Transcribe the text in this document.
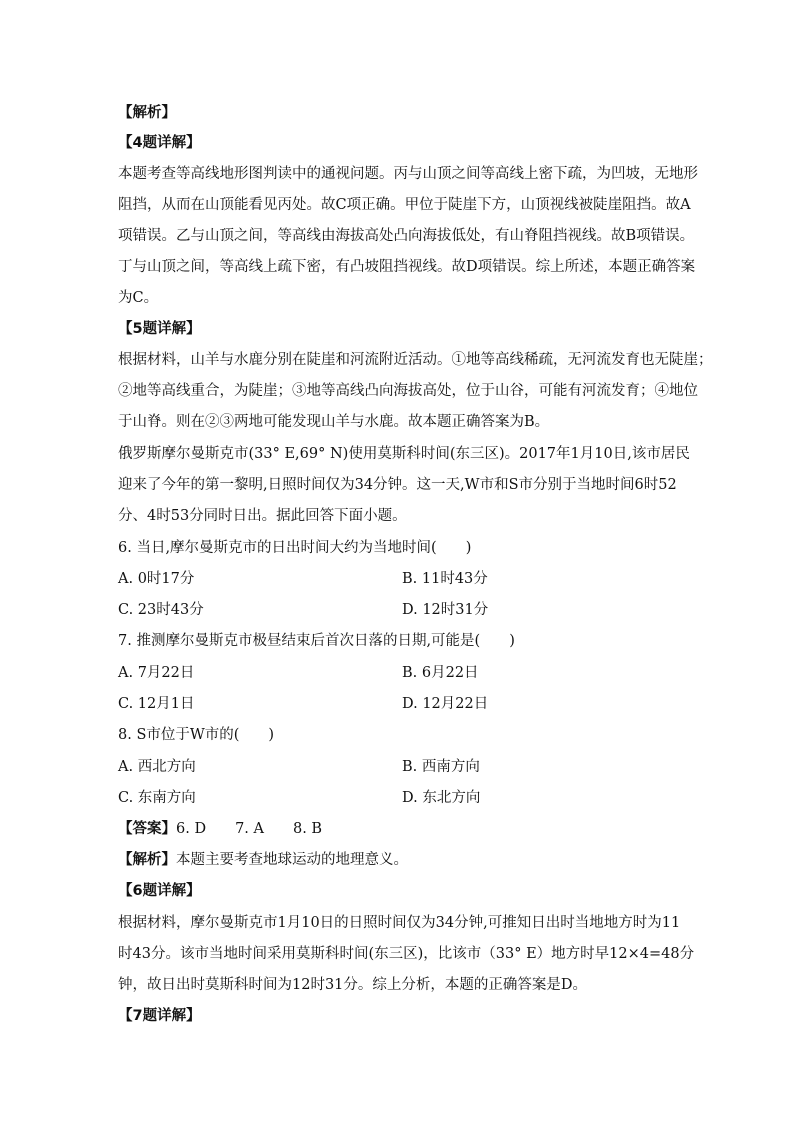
【解析】
【4题详解】
本题考查等高线地形图判读中的通视问题。丙与山顶之间等高线上密下疏，为凹坡，无地形
阻挡，从而在山顶能看见丙处。故C项正确。甲位于陡崖下方，山顶视线被陡崖阻挡。故A
项错误。乙与山顶之间，等高线由海拔高处凸向海拔低处，有山脊阻挡视线。故B项错误。
丁与山顶之间，等高线上疏下密，有凸坡阻挡视线。故D项错误。综上所述，本题正确答案
为C。
【5题详解】
根据材料，山羊与水鹿分别在陡崖和河流附近活动。①地等高线稀疏，无河流发育也无陡崖；
②地等高线重合，为陡崖；③地等高线凸向海拔高处，位于山谷，可能有河流发育；④地位
于山脊。则在②③两地可能发现山羊与水鹿。故本题正确答案为B。
俄罗斯摩尔曼斯克市(33° E,69° N)使用莫斯科时间(东三区)。2017年1月10日,该市居民
迎来了今年的第一黎明,日照时间仅为34分钟。这一天,W市和S市分别于当地时间6时52
分、4时53分同时日出。据此回答下面小题。
6. 当日,摩尔曼斯克市的日出时间大约为当地时间(　　)
A. 0时17分	B. 11时43分
C. 23时43分	D. 12时31分
7. 推测摩尔曼斯克市极昼结束后首次日落的日期,可能是(　　)
A. 7月22日	B. 6月22日
C. 12月1日	D. 12月22日
8. S市位于W市的(　　)
A. 西北方向	B. 西南方向
C. 东南方向	D. 东北方向
【答案】6. D　　7. A　　8. B
【解析】本题主要考查地球运动的地理意义。
【6题详解】
根据材料，摩尔曼斯克市1月10日的日照时间仅为34分钟,可推知日出时当地地方时为11
时43分。该市当地时间采用莫斯科时间(东三区)，比该市（33° E）地方时早12×4=48分
钟，故日出时莫斯科时间为12时31分。综上分析，本题的正确答案是D。
【7题详解】
